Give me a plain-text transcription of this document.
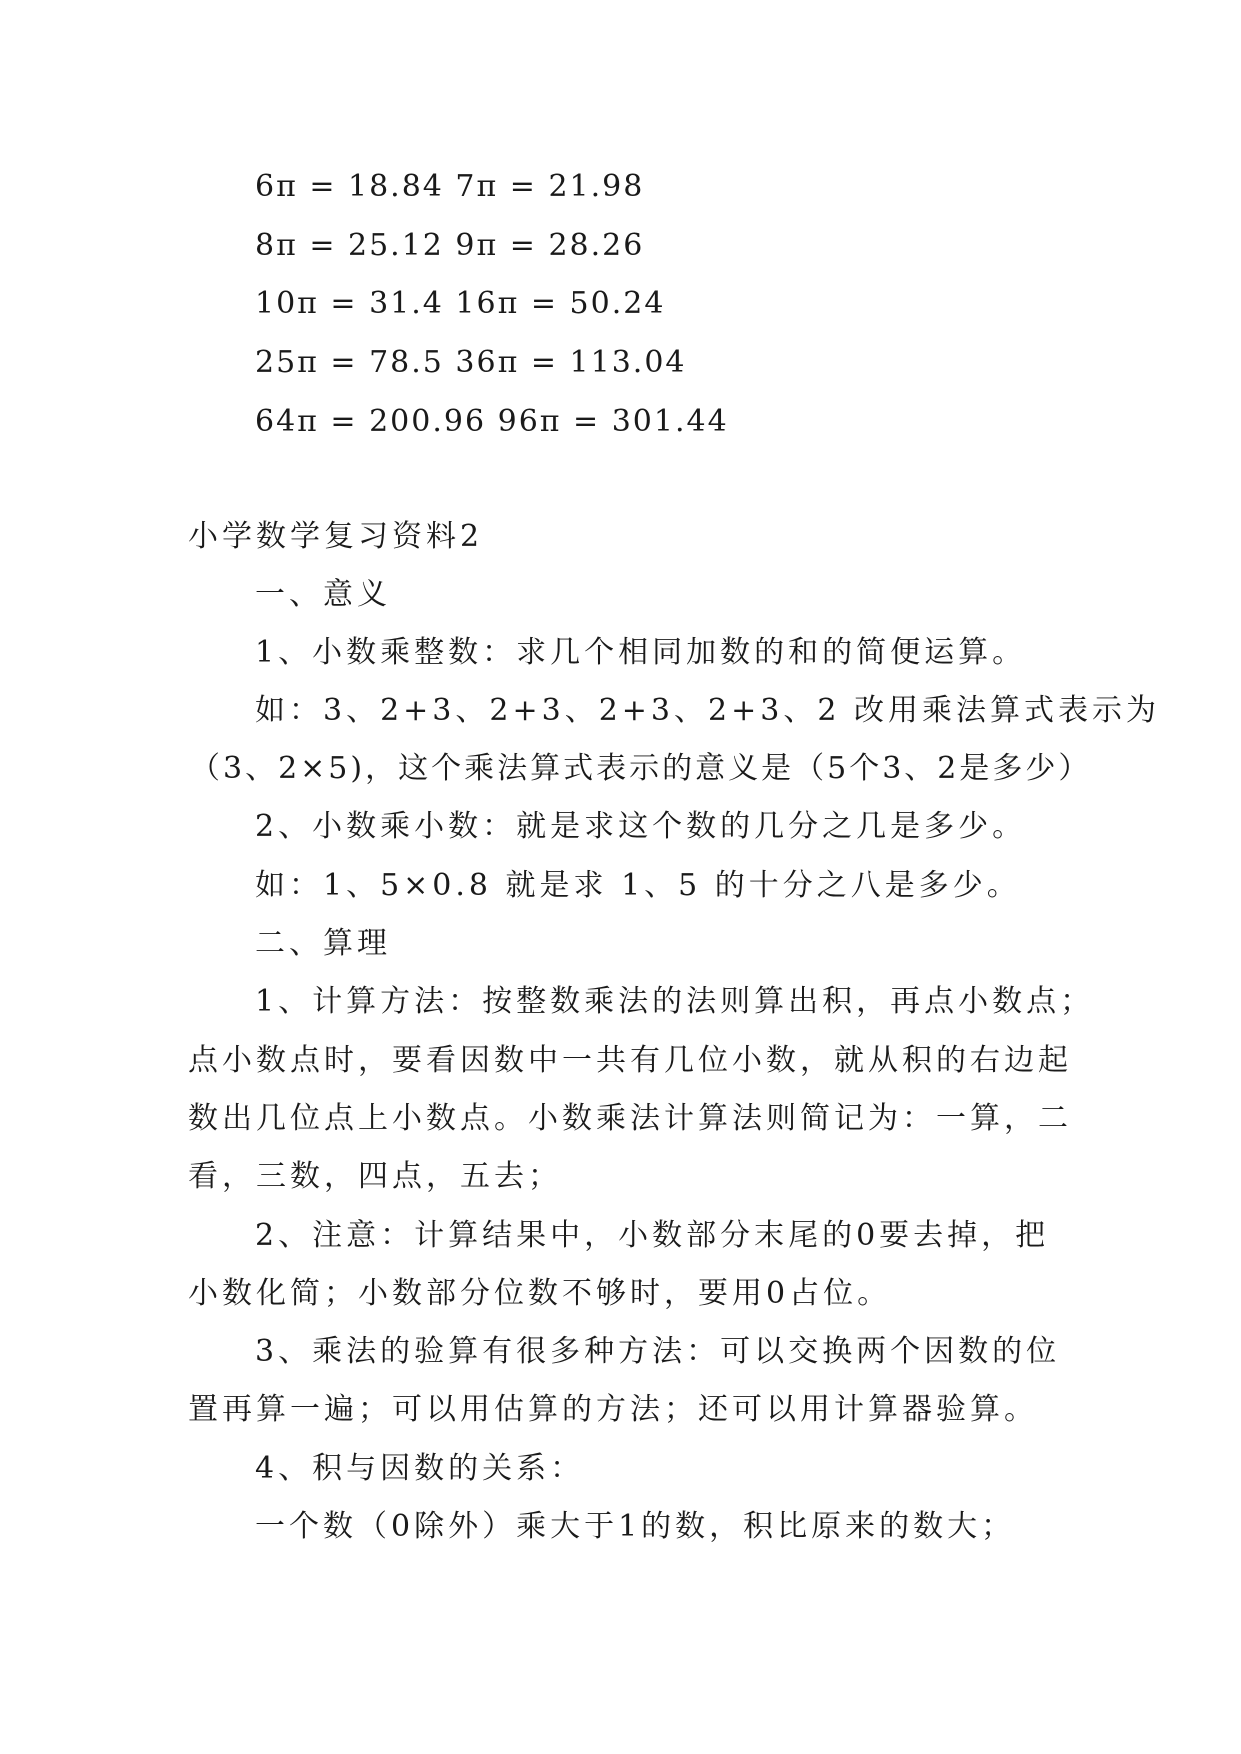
6π = 18.84 7π = 21.98
8π = 25.12 9π = 28.26
10π = 31.4 16π = 50.24
25π = 78.5 36π = 113.04
64π = 200.96 96π = 301.44
小学数学复习资料2
一、意义
1、小数乘整数：求几个相同加数的和的简便运算。
如：3、2+3、2+3、2+3、2+3、2 改用乘法算式表示为
（3、2×5)，这个乘法算式表示的意义是（5个3、2是多少）
2、小数乘小数：就是求这个数的几分之几是多少。
如：1、5×0.8 就是求 1、5 的十分之八是多少。
二、算理
1、计算方法：按整数乘法的法则算出积，再点小数点；
点小数点时，要看因数中一共有几位小数，就从积的右边起
数出几位点上小数点。小数乘法计算法则简记为：一算，二
看，三数，四点，五去；
2、注意：计算结果中，小数部分末尾的0要去掉，把
小数化简；小数部分位数不够时，要用0占位。
3、乘法的验算有很多种方法：可以交换两个因数的位
置再算一遍；可以用估算的方法；还可以用计算器验算。
4、积与因数的关系：
一个数（0除外）乘大于1的数，积比原来的数大；
